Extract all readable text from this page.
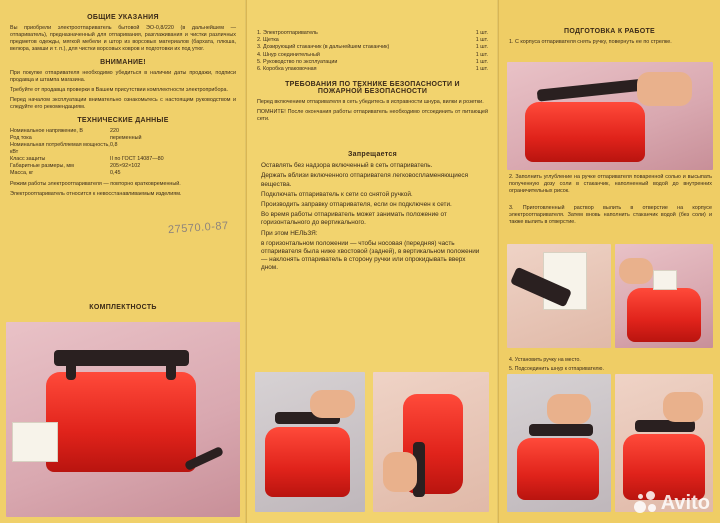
ОБЩИЕ УКАЗАНИЯ

Вы приобрели электроотпариватель бытовой ЭО-0,8/220 (в дальнейшем — отпариватель), предназначенный для отпаривания, разглаживания и чистки различных предметов одежды, мягкой мебели и штор из ворсовых материалов (бархата, плюша, велюра, замши и т. п.), для чистки ворсовых ковров и подготовки их под утюг.

ВНИМАНИЕ!

При покупке отпаривателя необходимо убедиться в наличии даты продажи, подписи продавца и штампа магазина.

Требуйте от продавца проверки в Вашем присутствии комплектности электроприбора.

Перед началом эксплуатации внимательно ознакомьтесь с настоящим руководством и следуйте его рекомендациям.

ТЕХНИЧЕСКИЕ ДАННЫЕ
Номинальное напряжение, В	220
Род тока	переменный
Номинальная потребляемая мощность, кВт
0,8
Класс защиты	II по ГОСТ 14087—80
Габаритные размеры, мм	205×92×102
Масса, кг	0,45

Режим работы электроотпаривателя — повторно кратковременный.

Электроотпариватель относится к невосстанавливаемым изделиям.

27570.0-87
КОМПЛЕКТНОСТЬ
1. Электроотпариватель	1 шт.
2. Щетка	1 шт.
3. Дозирующий стаканчик (в дальнейшем стаканчик)	1 шт.
4. Шнур соединительный	1 шт.
5. Руководство по эксплуатации	1 шт.
6. Коробка упаковочная	1 шт.
ТРЕБОВАНИЯ ПО ТЕХНИКЕ БЕЗОПАСНОСТИ И ПОЖАРНОЙ БЕЗОПАСНОСТИ

Перед включением отпаривателя в сеть убедитесь в исправности шнура, вилки и розетки.

ПОМНИТЕ! После окончания работы отпариватель необходимо отсоединить от питающей сети.

Запрещается

Оставлять без надзора включенный в сеть отпариватель.

Держать вблизи включенного отпаривателя легковоспламеняющиеся вещества.

Подключать отпариватель к сети со снятой ручкой.

Производить заправку отпаривателя, если он подключен к сети.

Во время работы отпариватель может занимать положение от горизонтального до вертикального.

При этом НЕЛЬЗЯ:

в горизонтальном положении — чтобы носовая (передняя) часть отпаривателя была ниже хвостовой (задней), в вертикальном положении — наклонять отпариватель в сторону ручки или опрокидывать вверх дном.

ПОДГОТОВКА К РАБОТЕ

1. С корпуса отпаривателя снять ручку, повернуть ее по стрелке.

2. Заполнить углубление на ручке отпаривателя поваренной солью и высыпать полученную дозу соли в стаканчик, наполненный водой до внутренних ограничительных рисок.

3. Приготовленный раствор вылить в отверстие на корпусе электроотпаривателя. Затем вновь наполнить стаканчик водой (без соли) и также вылить в отверстие.

4. Установить ручку на место.

5. Подсоединить шнур к отпаривателю.

Avito
